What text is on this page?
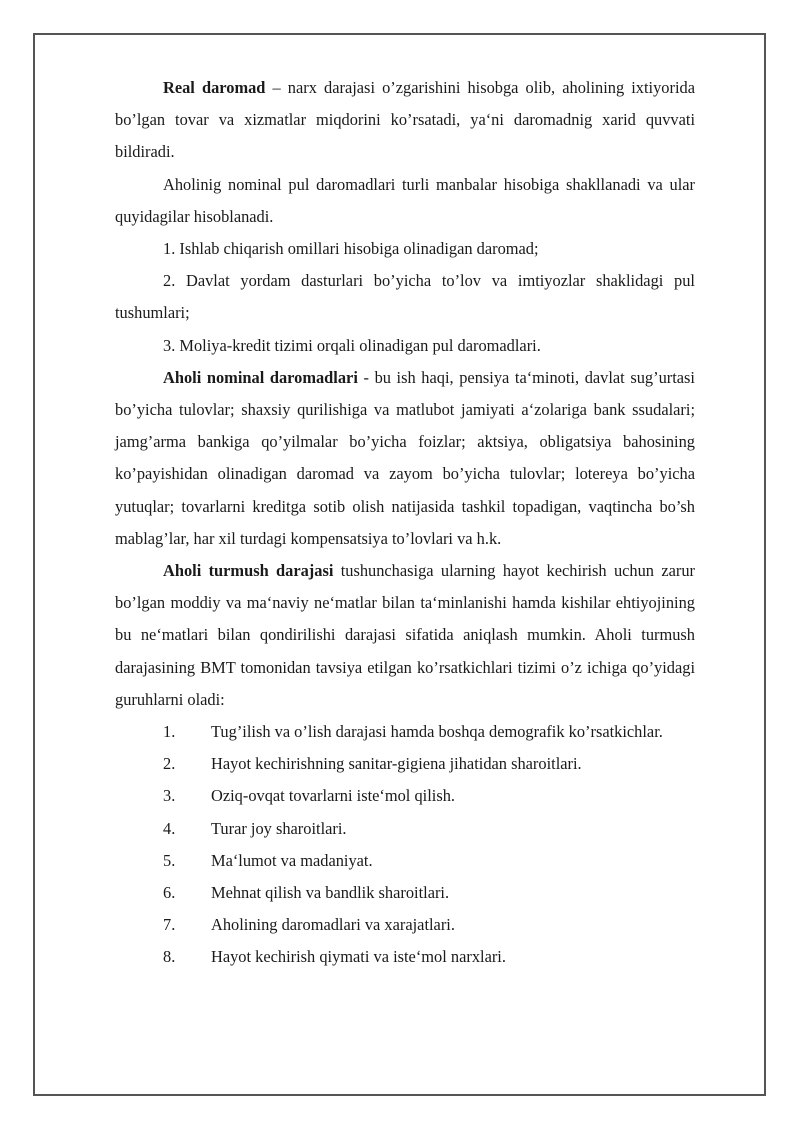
Real daromad – narx darajasi o’zgarishini hisobga olib, aholining ixtiyorida bo’lgan tovar va xizmatlar miqdorini ko’rsatadi, ya‘ni daromadnig xarid quvvati bildiradi.

Aholinig nominal pul daromadlari turli manbalar hisobiga shakllanadi va ular quyidagilar hisoblanadi.

1. Ishlab chiqarish omillari hisobiga olinadigan daromad;

2. Davlat yordam dasturlari bo’yicha to’lov va imtiyozlar shaklidagi pul tushumlari;

3. Moliya-kredit tizimi orqali olinadigan pul daromadlari.

Aholi nominal daromadlari - bu ish haqi, pensiya ta‘minoti, davlat sug’urtasi bo’yicha tulovlar; shaxsiy qurilishiga va matlubot jamiyati a‘zolariga bank ssudalari; jamg’arma bankiga qo’yilmalar bo’yicha foizlar; aktsiya, obligatsiya bahosining ko’payishidan olinadigan daromad va zayom bo’yicha tulovlar; lotereya bo’yicha yutuqlar; tovarlarni kreditga sotib olish natijasida tashkil topadigan, vaqtincha bo’sh mablag’lar, har xil turdagi kompensatsiya to’lovlari va h.k.

Aholi turmush darajasi tushunchasiga ularning hayot kechirish uchun zarur bo’lgan moddiy va ma‘naviy ne‘matlar bilan ta‘minlanishi hamda kishilar ehtiyojining bu ne‘matlari bilan qondirilishi darajasi sifatida aniqlash mumkin. Aholi turmush darajasining BMT tomonidan tavsiya etilgan ko’rsatkichlari tizimi o’z ichiga qo’yidagi guruhlarni oladi:

1. Tug’ilish va o’lish darajasi hamda boshqa demografik ko’rsatkichlar.

2.	Hayot kechirishning sanitar-gigiena jihatidan sharoitlari.
3.	Oziq-ovqat tovarlarni iste‘mol qilish.
4.	Turar joy sharoitlari.
5.	Ma‘lumot va madaniyat.
6.	Mehnat qilish va bandlik sharoitlari.
7.	Aholining daromadlari va xarajatlari.
8.	Hayot kechirish qiymati va iste‘mol narxlari.
